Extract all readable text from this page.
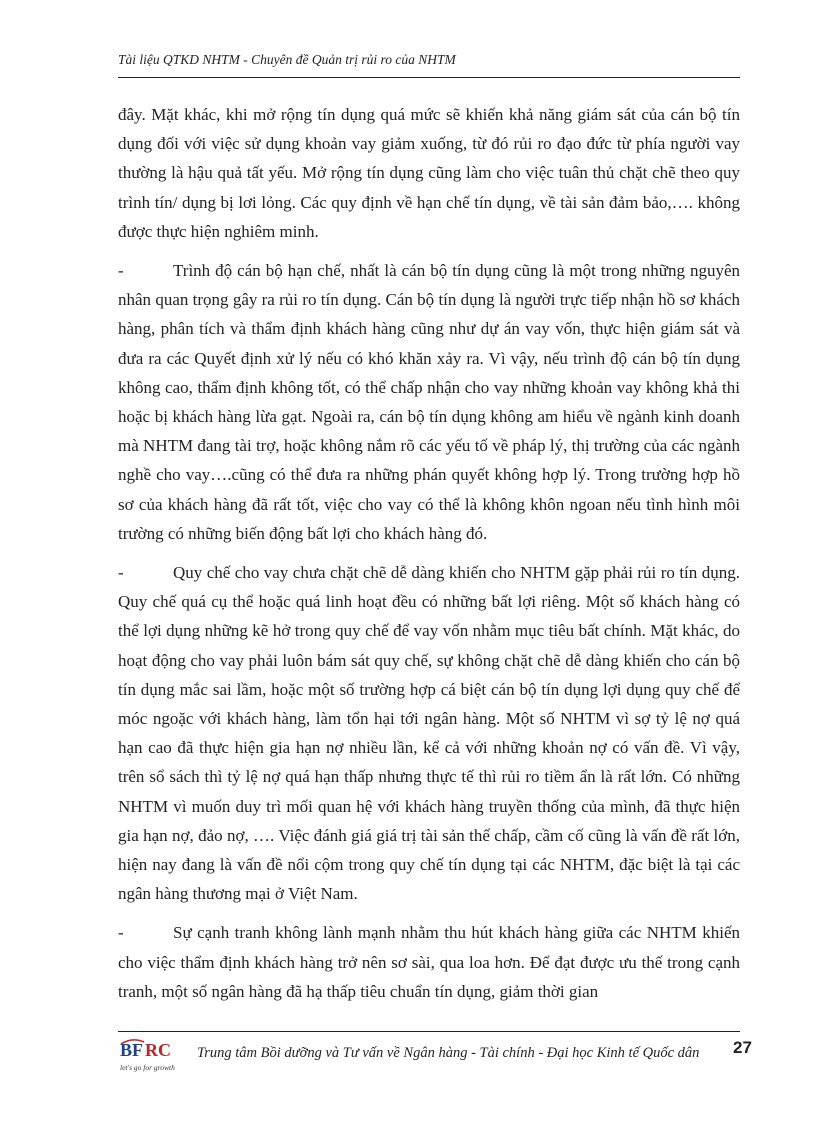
Tài liệu QTKD NHTM - Chuyên đề Quản trị rủi ro của NHTM

đây. Mặt khác, khi mở rộng tín dụng quá mức sẽ khiến khả năng giám sát của cán bộ tín dụng đối với việc sử dụng khoản vay giảm xuống, từ đó rủi ro đạo đức từ phía người vay thường là hậu quả tất yếu. Mở rộng tín dụng cũng làm cho việc tuân thủ chặt chẽ theo quy trình tín/ dụng bị lơi lỏng. Các quy định về hạn chế tín dụng, về tài sản đảm bảo,…. không được thực hiện nghiêm minh.

-	Trình độ cán bộ hạn chế, nhất là cán bộ tín dụng cũng là một trong những nguyên nhân quan trọng gây ra rủi ro tín dụng. Cán bộ tín dụng là người trực tiếp nhận hồ sơ khách hàng, phân tích và thẩm định khách hàng cũng như dự án vay vốn, thực hiện giám sát và đưa ra các Quyết định xử lý nếu có khó khăn xảy ra. Vì vậy, nếu trình độ cán bộ tín dụng không cao, thẩm định không tốt, có thể chấp nhận cho vay những khoản vay không khả thi hoặc bị khách hàng lừa gạt. Ngoài ra, cán bộ tín dụng không am hiểu về ngành kinh doanh mà NHTM đang tài trợ, hoặc không nắm rõ các yếu tố về pháp lý, thị trường của các ngành nghề cho vay….cũng có thể đưa ra những phán quyết không hợp lý. Trong trường hợp hồ sơ của khách hàng đã rất tốt, việc cho vay có thể là không khôn ngoan nếu tình hình môi trường có những biến động bất lợi cho khách hàng đó.

-	Quy chế cho vay chưa chặt chẽ dễ dàng khiến cho NHTM gặp phải rủi ro tín dụng. Quy chế quá cụ thể hoặc quá linh hoạt đều có những bất lợi riêng. Một số khách hàng có thể lợi dụng những kẽ hở trong quy chế để vay vốn nhằm mục tiêu bất chính. Mặt khác, do hoạt động cho vay phải luôn bám sát quy chế, sự không chặt chẽ dễ dàng khiến cho cán bộ tín dụng mắc sai lầm, hoặc một số trường hợp cá biệt cán bộ tín dụng lợi dụng quy chế để móc ngoặc với khách hàng, làm tổn hại tới ngân hàng. Một số NHTM vì sợ tỷ lệ nợ quá hạn cao đã thực hiện gia hạn nợ nhiều lần, kể cả với những khoản nợ có vấn đề. Vì vậy, trên sổ sách thì tỷ lệ nợ quá hạn thấp nhưng thực tế thì rủi ro tiềm ẩn là rất lớn. Có những NHTM vì muốn duy trì mối quan hệ với khách hàng truyền thống của mình, đã thực hiện gia hạn nợ, đảo nợ, …. Việc đánh giá giá trị tài sản thế chấp, cầm cố cũng là vấn đề rất lớn, hiện nay đang là vấn đề nổi cộm trong quy chế tín dụng tại các NHTM, đặc biệt là tại các ngân hàng thương mại ở Việt Nam.

-	Sự cạnh tranh không lành mạnh nhằm thu hút khách hàng giữa các NHTM khiến cho việc thẩm định khách hàng trở nên sơ sài, qua loa hơn. Để đạt được ưu thế trong cạnh tranh, một số ngân hàng đã hạ thấp tiêu chuẩn tín dụng, giảm thời gian

BF RC
let's go for growth
Trung tâm Bồi dưỡng và Tư vấn về Ngân hàng - Tài chính - Đại học Kinh tế Quốc dân 27
